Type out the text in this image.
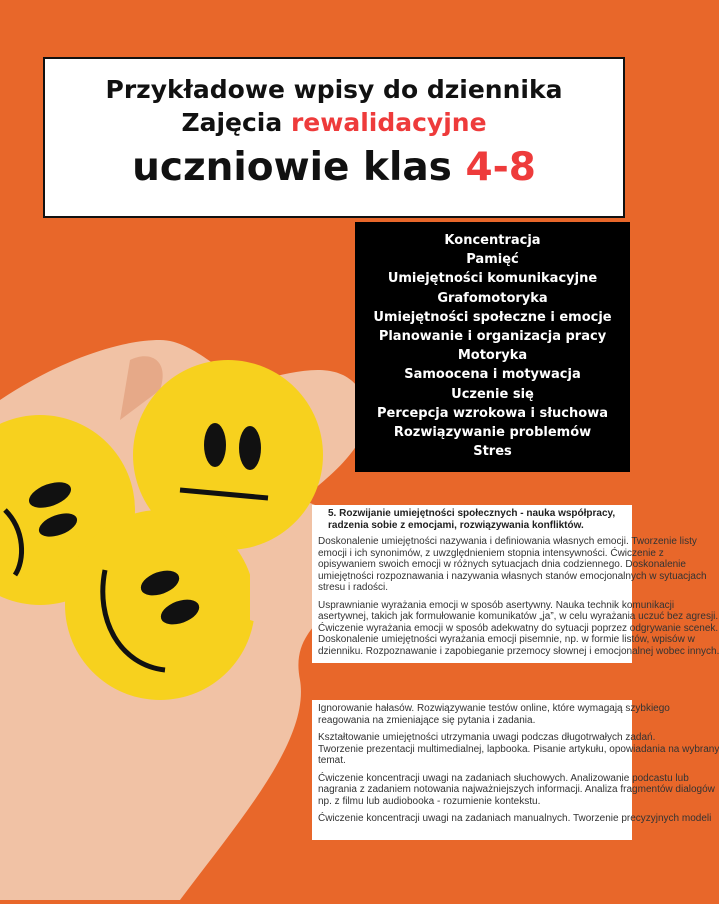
Przykładowe wpisy do dziennika
Zajęcia rewalidacyjne
uczniowie klas 4-8
Koncentracja
Pamięć
Umiejętności komunikacyjne
Grafomotoryka
Umiejętności społeczne i emocje
Planowanie i organizacja pracy
Motoryka
Samoocena i motywacja
Uczenie się
Percepcja wzrokowa i słuchowa
Rozwiązywanie problemów
Stres

5. Rozwijanie umiejętności społecznych - nauka współpracy, radzenia sobie z emocjami, rozwiązywania konfliktów.

Doskonalenie umiejętności nazywania i definiowania własnych emocji. Tworzenie listy
emocji i ich synonimów, z uwzględnieniem stopnia intensywności. Ćwiczenie z
opisywaniem swoich emocji w różnych sytuacjach dnia codziennego. Doskonalenie
umiejętności rozpoznawania i nazywania własnych stanów emocjonalnych w sytuacjach
stresu i radości.

Usprawnianie wyrażania emocji w sposób asertywny. Nauka technik komunikacji
asertywnej, takich jak formułowanie komunikatów „ja”, w celu wyrażania uczuć bez agresji.
Ćwiczenie wyrażania emocji w sposób adekwatny do sytuacji poprzez odgrywanie scenek.
Doskonalenie umiejętności wyrażania emocji pisemnie, np. w formie listów, wpisów w
dzienniku. Rozpoznawanie i zapobieganie przemocy słownej i emocjonalnej wobec innych.

Ignorowanie hałasów. Rozwiązywanie testów online, które wymagają szybkiego
reagowania na zmieniające się pytania i zadania.

Kształtowanie umiejętności utrzymania uwagi podczas długotrwałych zadań.
Tworzenie prezentacji multimedialnej, lapbooka. Pisanie artykułu, opowiadania na wybrany
temat.

Ćwiczenie koncentracji uwagi na zadaniach słuchowych. Analizowanie podcastu lub
nagrania z zadaniem notowania najważniejszych informacji. Analiza fragmentów dialogów
np. z filmu lub audiobooka - rozumienie kontekstu.

Ćwiczenie koncentracji uwagi na zadaniach manualnych. Tworzenie precyzyjnych modeli
